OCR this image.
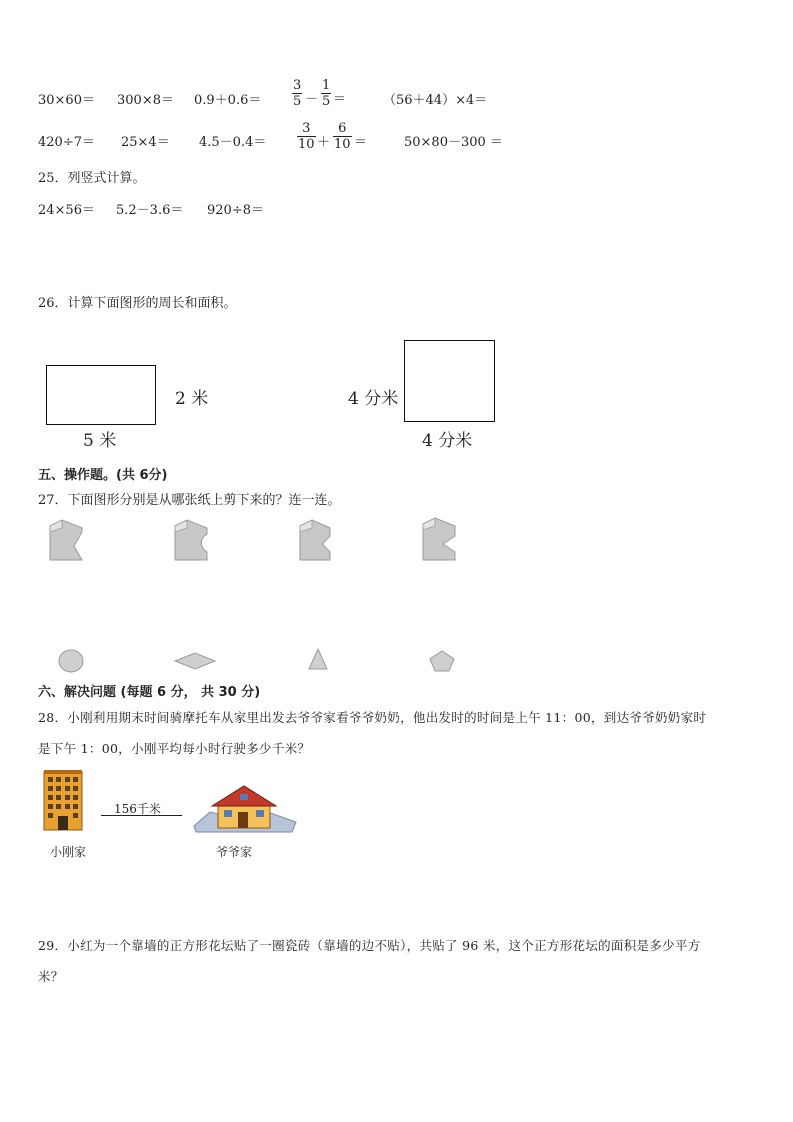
$30\times 60= 300\times 8= 0.9+0.6= \frac{3}{5} - \frac{1}{5}$ ＝	（56＋44）×4＝
$420\div 7= 25\times 4= 4.5-0.4= \frac{3}{10} + \frac{6}{10}$ ＝	50×80－300 ＝
25．列竖式计算。
24×56＝ 5.2－3.6＝ 920÷8＝
26．计算下面图形的周长和面积。
2 米
5 米
4 分米
4 分米
五、操作题。(共 6分)
27．下面图形分别是从哪张纸上剪下来的？连一连。
六、解决问题 (每题 6 分， 共 30 分)
28．小刚利用期末时间骑摩托车从家里出发去爷爷家看爷爷奶奶，他出发时的时间是上午 11：00，到达爷爷奶奶家时
是下午 1：00，小刚平均每小时行驶多少千米？
156千米
小刚家	爷爷家
29．小红为一个靠墙的正方形花坛贴了一圈瓷砖（靠墙的边不贴），共贴了 96 米，这个正方形花坛的面积是多少平方
米？
